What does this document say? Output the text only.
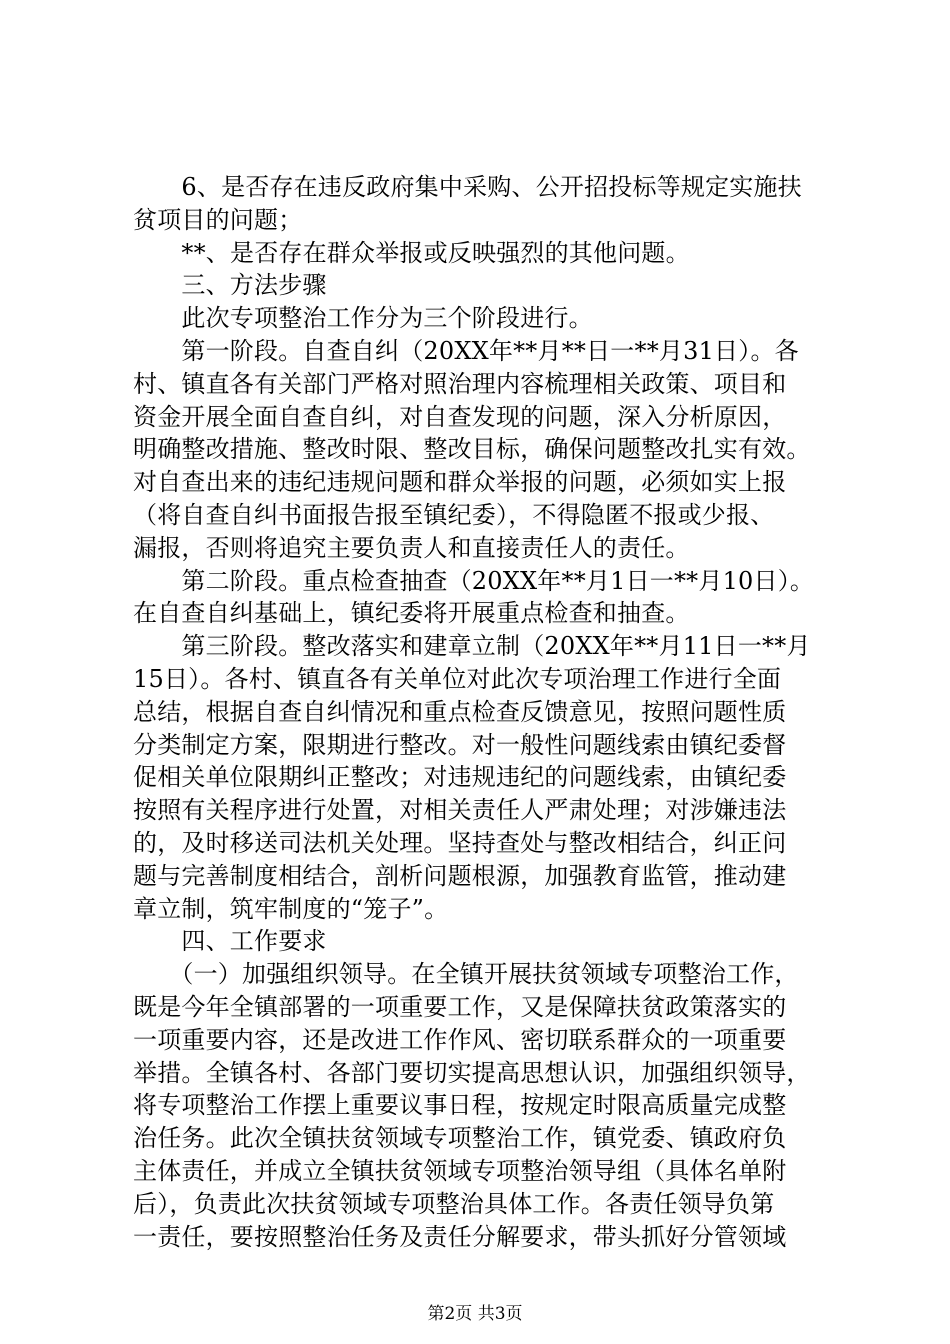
　　6、是否存在违反政府集中采购、公开招投标等规定实施扶
贫项目的问题；
　　**、是否存在群众举报或反映强烈的其他问题。
　　三、方法步骤
　　此次专项整治工作分为三个阶段进行。
　　第一阶段。自查自纠（20XX年**月**日一**月31日）。各
村、镇直各有关部门严格对照治理内容梳理相关政策、项目和
资金开展全面自查自纠，对自查发现的问题，深入分析原因，
明确整改措施、整改时限、整改目标，确保问题整改扎实有效。
对自查出来的违纪违规问题和群众举报的问题，必须如实上报
（将自查自纠书面报告报至镇纪委），不得隐匿不报或少报、
漏报，否则将追究主要负责人和直接责任人的责任。
　　第二阶段。重点检查抽查（20XX年**月1日一**月10日）。
在自查自纠基础上，镇纪委将开展重点检查和抽查。
　　第三阶段。整改落实和建章立制（20XX年**月11日一**月
15日）。各村、镇直各有关单位对此次专项治理工作进行全面
总结，根据自查自纠情况和重点检查反馈意见，按照问题性质
分类制定方案，限期进行整改。对一般性问题线索由镇纪委督
促相关单位限期纠正整改；对违规违纪的问题线索，由镇纪委
按照有关程序进行处置，对相关责任人严肃处理；对涉嫌违法
的，及时移送司法机关处理。坚持查处与整改相结合，纠正问
题与完善制度相结合，剖析问题根源，加强教育监管，推动建
章立制，筑牢制度的“笼子”。
　　四、工作要求
　　（一）加强组织领导。在全镇开展扶贫领域专项整治工作，
既是今年全镇部署的一项重要工作，又是保障扶贫政策落实的
一项重要内容，还是改进工作作风、密切联系群众的一项重要
举措。全镇各村、各部门要切实提高思想认识，加强组织领导，
将专项整治工作摆上重要议事日程，按规定时限高质量完成整
治任务。此次全镇扶贫领域专项整治工作，镇党委、镇政府负
主体责任，并成立全镇扶贫领域专项整治领导组（具体名单附
后），负责此次扶贫领域专项整治具体工作。各责任领导负第
一责任，要按照整治任务及责任分解要求，带头抓好分管领域
第2页 共3页
